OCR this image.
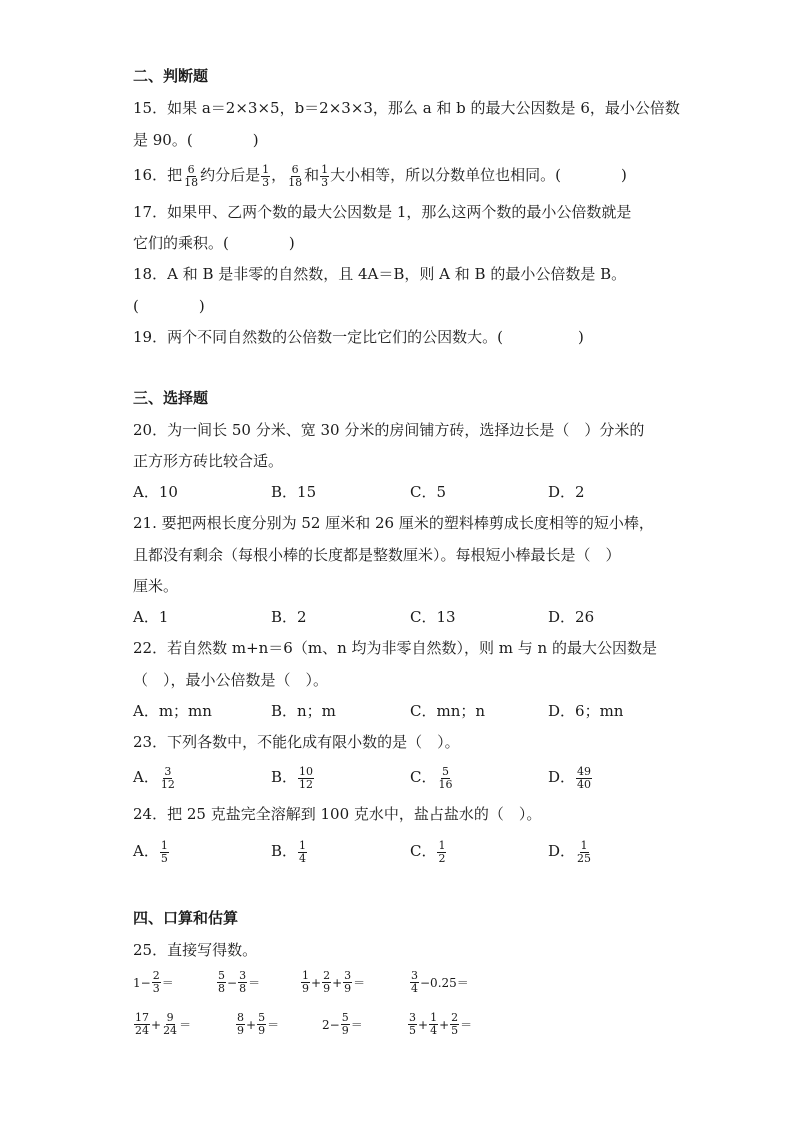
二、判断题
15．如果 a＝2×3×5，b＝2×3×3，那么 a 和 b 的最大公因数是 6，最小公倍数
是 90。(　　　　)
16．把 $\frac{6}{18}$ 约分后是 $\frac{1}{3}$ ， $\frac{6}{18}$ 和 $\frac{1}{3}$ 大小相等，所以分数单位也相同。(　　　　)
17．如果甲、乙两个数的最大公因数是 1，那么这两个数的最小公倍数就是
它们的乘积。(　　　　)
18．A 和 B 是非零的自然数，且 4A＝B，则 A 和 B 的最小公倍数是 B。
(　　　　)
19．两个不同自然数的公倍数一定比它们的公因数大。(　　　　　)
三、选择题
20．为一间长 50 分米、宽 30 分米的房间铺方砖，选择边长是（　）分米的
正方形方砖比较合适。
A．10	B．15	C．5	D．2
21. 要把两根长度分别为 52 厘米和 26 厘米的塑料棒剪成长度相等的短小棒，
且都没有剩余（每根小棒的长度都是整数厘米）。每根短小棒最长是（　）
厘米。
A．1	B．2	C．13	D．26
22．若自然数 m+n＝6（m、n 均为非零自然数），则 m 与 n 的最大公因数是
（　），最小公倍数是（　）。
A．m；mn	B．n；m	C．mn；n	D．6；mn
23．下列各数中，不能化成有限小数的是（　）。
A． $\frac{3}{12}$	B． $\frac{10}{12}$	C． $\frac{5}{16}$	D． $\frac{49}{40}$
24．把 25 克盐完全溶解到 100 克水中，盐占盐水的（　）。
A． $\frac{1}{5}$	B． $\frac{1}{4}$	C． $\frac{1}{2}$	D． $\frac{1}{25}$
四、口算和估算
25．直接写得数。
$1- \frac{2}{3}$ ＝	$\frac{5}{8} - \frac{3}{8}$ ＝	$\frac{1}{9} + \frac{2}{9} + \frac{3}{9}$ ＝	$\frac{3}{4} -0.25=$
$\frac{17}{24} + \frac{9}{24}$ ＝	$\frac{8}{9} + \frac{5}{9}$ ＝	$2- \frac{5}{9}$ ＝	$\frac{3}{5} + \frac{1}{4} + \frac{2}{5}$ ＝
